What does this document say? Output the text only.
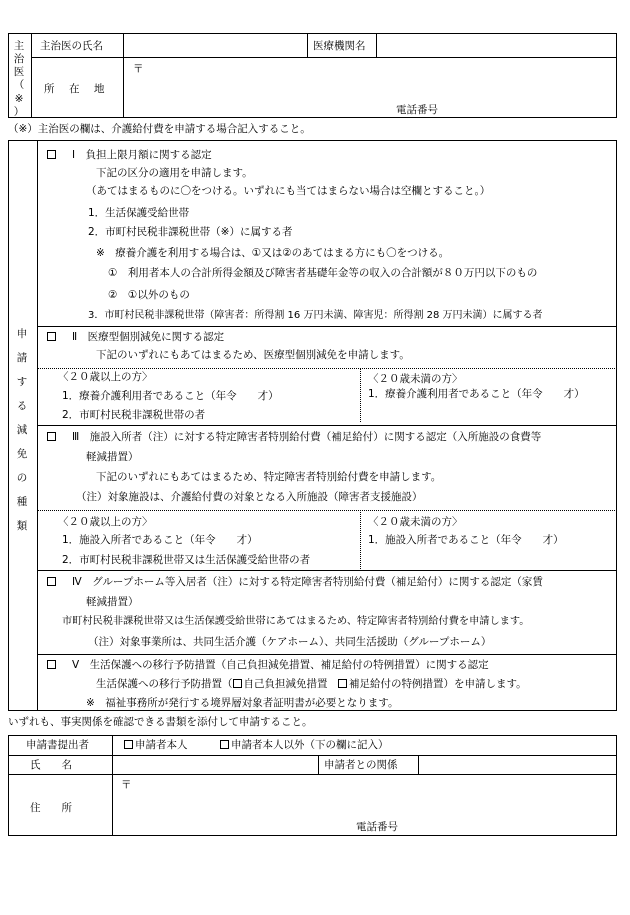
主
治
医
（
※
）
主治医の氏名	医療機関名
所　在　地
〒
電話番号
（※）主治医の欄は、介護給付費を申請する場合記入すること。
申
請
す
る
減
免
の
種
類
Ⅰ　負担上限月額に関する認定
下記の区分の適用を申請します。
（あてはまるものに〇をつける。いずれにも当てはまらない場合は空欄とすること。）
1．生活保護受給世帯
2．市町村民税非課税世帯（※）に属する者
※　療養介護を利用する場合は、①又は②のあてはまる方にも〇をつける。
①　利用者本人の合計所得金額及び障害者基礎年金等の収入の合計額が８０万円以下のもの
②　①以外のもの
3．市町村民税非課税世帯（障害者：所得割 16 万円未満、障害児：所得割 28 万円未満）に属する者
Ⅱ　医療型個別減免に関する認定
下記のいずれにもあてはまるため、医療型個別減免を申請します。
〈２０歳以上の方〉
1．療養介護利用者であること（年令　　才）
2．市町村民税非課税世帯の者
〈２０歳未満の方〉
1．療養介護利用者であること（年令　　才）
Ⅲ　施設入所者（注）に対する特定障害者特別給付費（補足給付）に関する認定（入所施設の食費等
軽減措置）
下記のいずれにもあてはまるため、特定障害者特別給付費を申請します。
（注）対象施設は、介護給付費の対象となる入所施設（障害者支援施設）
〈２０歳以上の方〉
1．施設入所者であること（年令　　才）
2．市町村民税非課税世帯又は生活保護受給世帯の者
〈２０歳未満の方〉
1．施設入所者であること（年令　　才）
Ⅳ　グループホーム等入居者（注）に対する特定障害者特別給付費（補足給付）に関する認定（家賃
軽減措置）
市町村民税非課税世帯又は生活保護受給世帯にあてはまるため、特定障害者特別給付費を申請します。
（注）対象事業所は、共同生活介護（ケアホーム）、共同生活援助（グループホーム）
Ⅴ　生活保護への移行予防措置（自己負担減免措置、補足給付の特例措置）に関する認定
生活保護への移行予防措置（ 自己負担減免措置　補足給付の特例措置）を申請します。
※　福祉事務所が発行する境界層対象者証明書が必要となります。
いずれも、事実関係を確認できる書類を添付して申請すること。
申請書提出者	申請者本人	申請者本人以外（下の欄に記入）
氏　　名	申請者との関係
住　　所
〒
電話番号
